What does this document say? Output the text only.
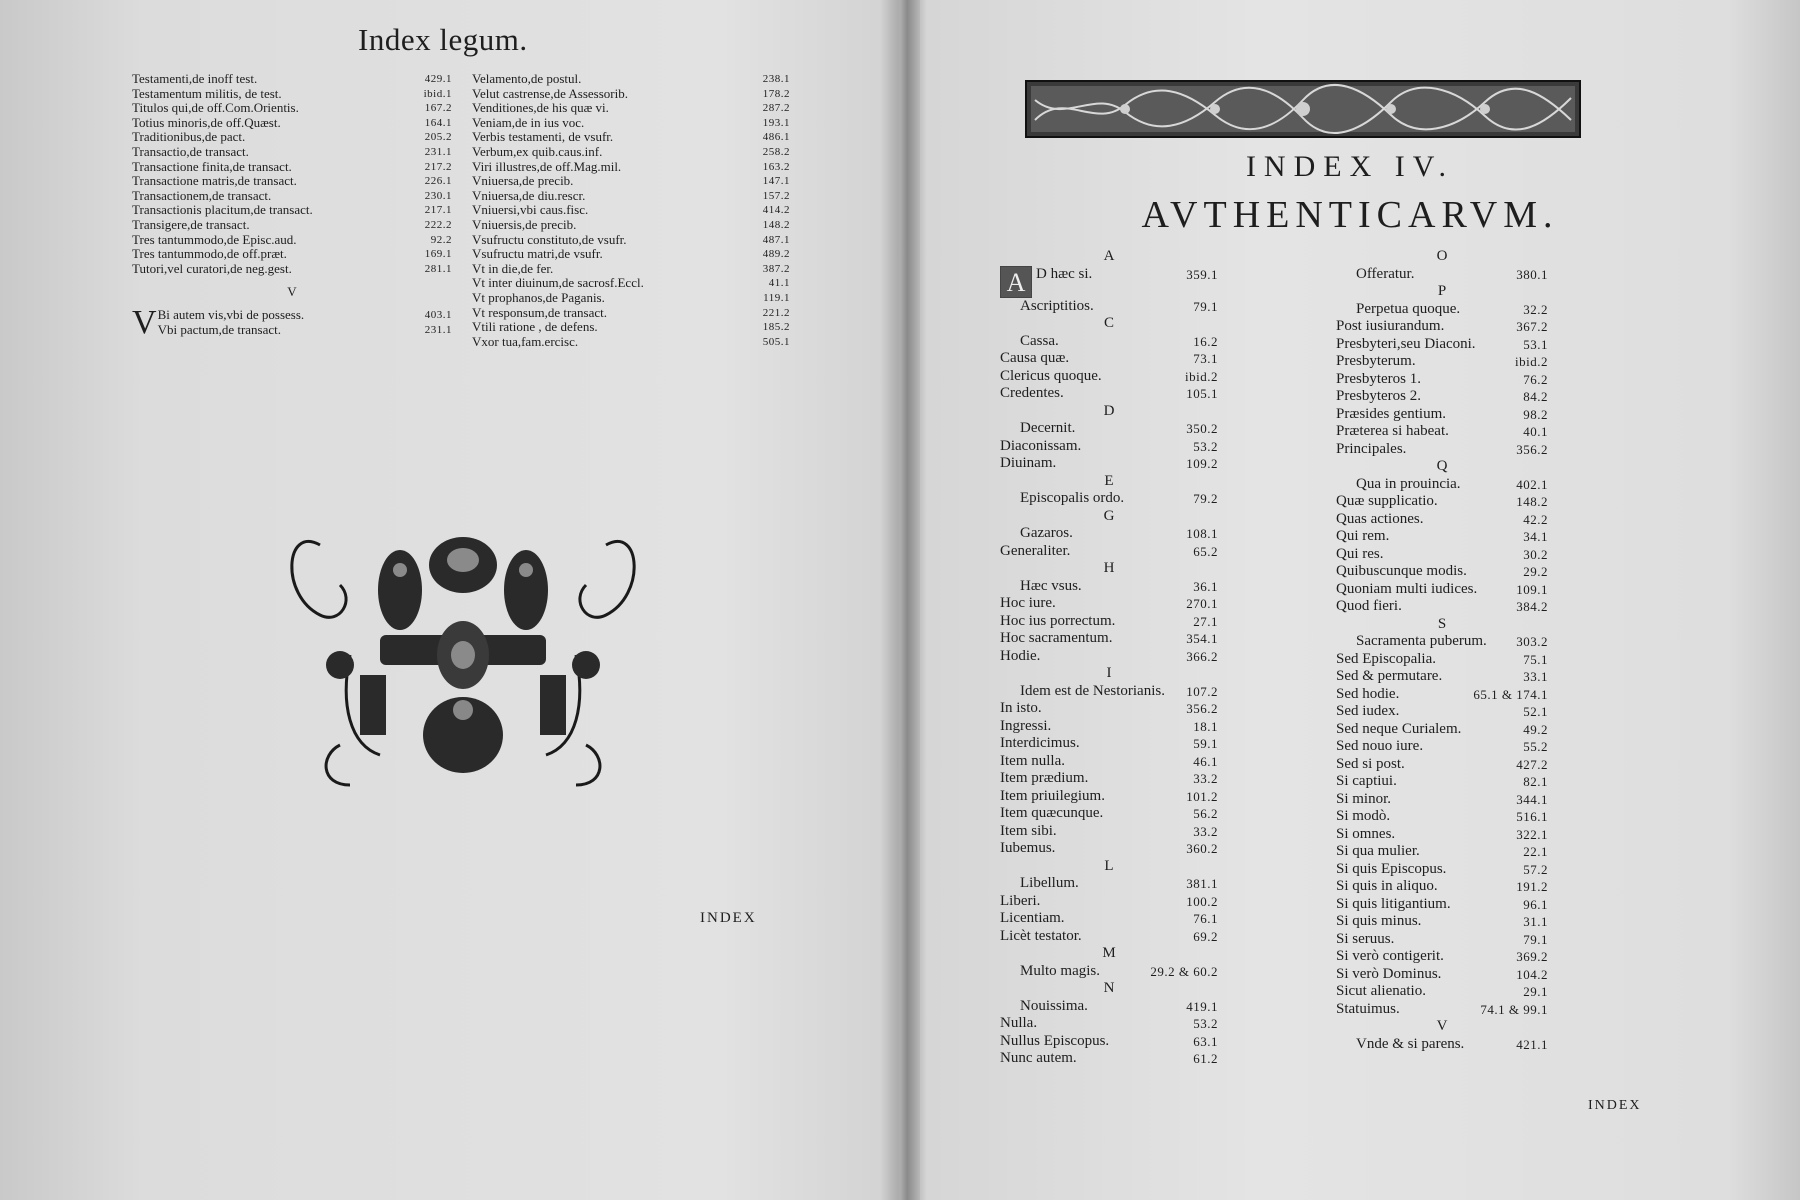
Index legum.
Testamenti,de inoff test.	429.1
Testamentum militis, de test.	ibid.1
Titulos qui,de off.Com.Orientis.	167.2
Totius minoris,de off.Quæst.	164.1
Traditionibus,de pact.	205.2
Transactio,de transact.	231.1
Transactione finita,de transact.	217.2
Transactione matris,de transact.	226.1
Transactionem,de transact.	230.1
Transactionis placitum,de transact.	217.1
Transigere,de transact.	222.2
Tres tantummodo,de Episc.aud.	92.2
Tres tantummodo,de off.præt.	169.1
Tutori,vel curatori,de neg.gest.	281.1
V
V Bi autem vis,vbi de possess.	403.1
Vbi pactum,de transact.	231.1
Velamento,de postul.	238.1
Velut castrense,de Assessorib.	178.2
Venditiones,de his quæ vi.	287.2
Veniam,de in ius voc.	193.1
Verbis testamenti, de vsufr.	486.1
Verbum,ex quib.caus.inf.	258.2
Viri illustres,de off.Mag.mil.	163.2
Vniuersa,de precib.	147.1
Vniuersa,de diu.rescr.	157.2
Vniuersi,vbi caus.fisc.	414.2
Vniuersis,de precib.	148.2
Vsufructu constituto,de vsufr.	487.1
Vsufructu matri,de vsufr.	489.2
Vt in die,de fer.	387.2
Vt inter diuinum,de sacrosf.Eccl.	41.1
Vt prophanos,de Paganis.	119.1
Vt responsum,de transact.	221.2
Vtili ratione , de defens.	185.2
Vxor tua,fam.ercisc.	505.1
INDEX
INDEX IV.
AVTHENTICARVM.
A
A D hæc si.	359.1
Ascriptitios.	79.1
C
Cassa.	16.2
Causa quæ.	73.1
Clericus quoque.	ibid.2
Credentes.	105.1
D
Decernit.	350.2
Diaconissam.	53.2
Diuinam.	109.2
E
Episcopalis ordo.	79.2
G
Gazaros.	108.1
Generaliter.	65.2
H
Hæc vsus.	36.1
Hoc iure.	270.1
Hoc ius porrectum.	27.1
Hoc sacramentum.	354.1
Hodie.	366.2
I
Idem est de Nestorianis. 107.2
In isto.	356.2
Ingressi.	18.1
Interdicimus.	59.1
Item nulla.	46.1
Item prædium.	33.2
Item priuilegium.	101.2
Item quæcunque.	56.2
Item sibi.	33.2
Iubemus.	360.2
L
Libellum.	381.1
Liberi.	100.2
Licentiam.	76.1
Licèt testator.	69.2
M
Multo magis.	29.2 & 60.2
N
Nouissima.	419.1
Nulla.	53.2
Nullus Episcopus.	63.1
Nunc autem.	61.2
O
Offeratur.	380.1
P
Perpetua quoque.	32.2
Post iusiurandum.	367.2
Presbyteri,seu Diaconi.	53.1
Presbyterum.	ibid.2
Presbyteros 1.	76.2
Presbyteros 2.	84.2
Præsides gentium.	98.2
Præterea si habeat.	40.1
Principales.	356.2
Q
Qua in prouincia.	402.1
Quæ supplicatio.	148.2
Quas actiones.	42.2
Qui rem.	34.1
Qui res.	30.2
Quibuscunque modis.	29.2
Quoniam multi iudices.	109.1
Quod fieri.	384.2
S
Sacramenta puberum. 303.2
Sed Episcopalia.	75.1
Sed & permutare.	33.1
Sed hodie.	65.1 & 174.1
Sed iudex.	52.1
Sed neque Curialem.	49.2
Sed nouo iure.	55.2
Sed si post.	427.2
Si captiui.	82.1
Si minor.	344.1
Si modò.	516.1
Si omnes.	322.1
Si qua mulier.	22.1
Si quis Episcopus.	57.2
Si quis in aliquo.	191.2
Si quis litigantium.	96.1
Si quis minus.	31.1
Si seruus.	79.1
Si verò contigerit.	369.2
Si verò Dominus.	104.2
Sicut alienatio.	29.1
Statuimus.	74.1 & 99.1
V
Vnde & si parens.	421.1
INDEX
